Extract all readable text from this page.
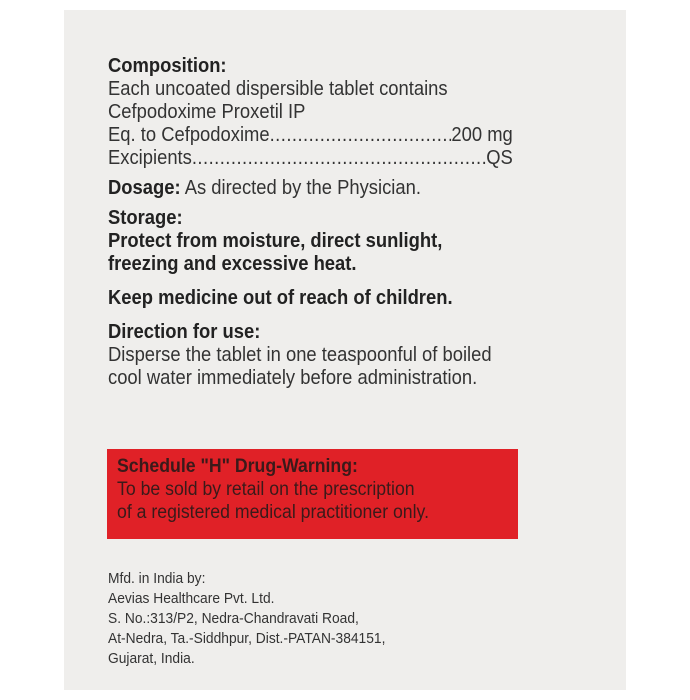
Composition:
Each uncoated dispersible tablet contains
Cefpodoxime Proxetil IP
Eq. to Cefpodoxime .....	200 mg
Excipients .....	QS
Dosage: As directed by the Physician.
Storage:
Protect from moisture, direct sunlight,
freezing and excessive heat.
Keep medicine out of reach of children.
Direction for use:
Disperse the tablet in one teaspoonful of boiled
cool water immediately before administration.
Schedule "H" Drug-Warning:
To be sold by retail on the prescription
of a registered medical practitioner only.
Mfd. in India by:
Aevias Healthcare Pvt. Ltd.
S. No.:313/P2, Nedra-Chandravati Road,
At-Nedra, Ta.-Siddhpur, Dist.-PATAN-384151,
Gujarat, India.
